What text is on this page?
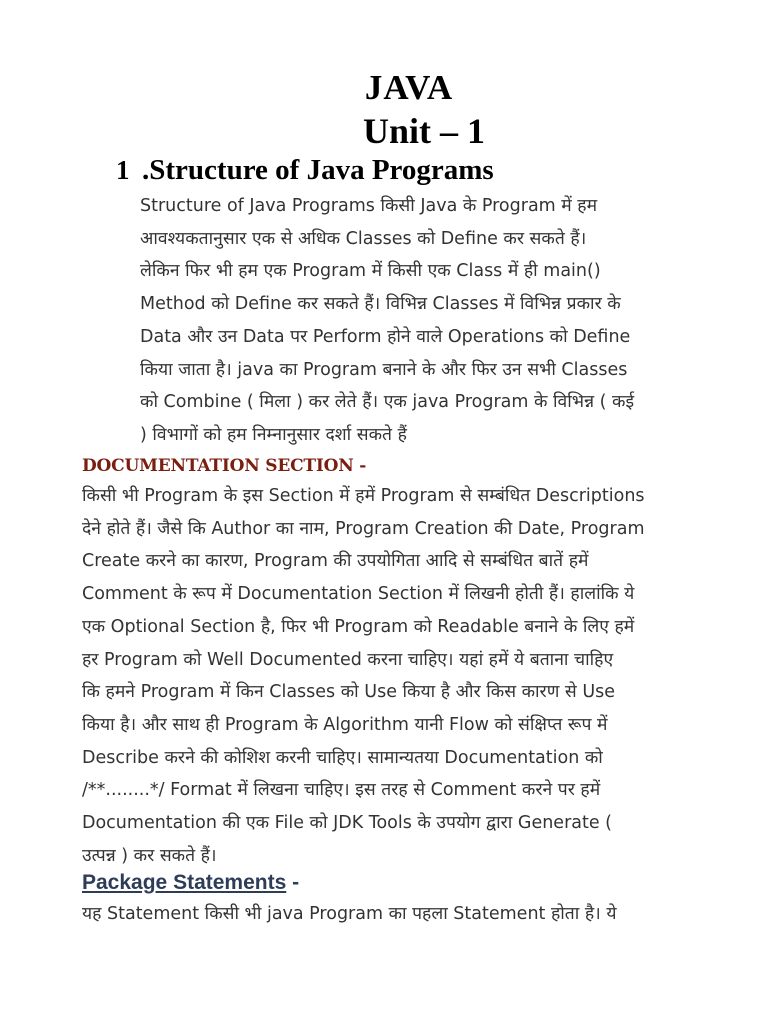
JAVA
Unit – 1
1 .Structure of Java Programs
Structure of Java Programs किसी Java के Program में हम
आवश्यकतानुसार एक से अधिक Classes को Define कर सकते हैं।
लेकिन फिर भी हम एक Program में किसी एक Class में ही main()
Method को Define कर सकते हैं। विभिन्न Classes में विभिन्न प्रकार के
Data और उन Data पर Perform होने वाले Operations को Define
किया जाता है। java का Program बनाने के और फिर उन सभी Classes
को Combine ( मिला ) कर लेते हैं। एक java Program के विभिन्न ( कई
) विभागों को हम निम्नानुसार दर्शा सकते हैं
DOCUMENTATION SECTION -
किसी भी Program के इस Section में हमें Program से सम्बंधित Descriptions
देने होते हैं। जैसे कि Author का नाम, Program Creation की Date, Program
Create करने का कारण, Program की उपयोगिता आदि से सम्बंधित बातें हमें
Comment के रूप में Documentation Section में लिखनी होती हैं। हालांकि ये
एक Optional Section है, फिर भी Program को Readable बनाने के लिए हमें
हर Program को Well Documented करना चाहिए। यहां हमें ये बताना चाहिए
कि हमने Program में किन Classes को Use किया है और किस कारण से Use
किया है। और साथ ही Program के Algorithm यानी Flow को संक्षिप्त रूप में
Describe करने की कोशिश करनी चाहिए। सामान्यतया Documentation को
/**........*/ Format में लिखना चाहिए। इस तरह से Comment करने पर हमें
Documentation की एक File को JDK Tools के उपयोग द्वारा Generate (
उत्पन्न ) कर सकते हैं।
Package Statements -
यह Statement किसी भी java Program का पहला Statement होता है। ये
